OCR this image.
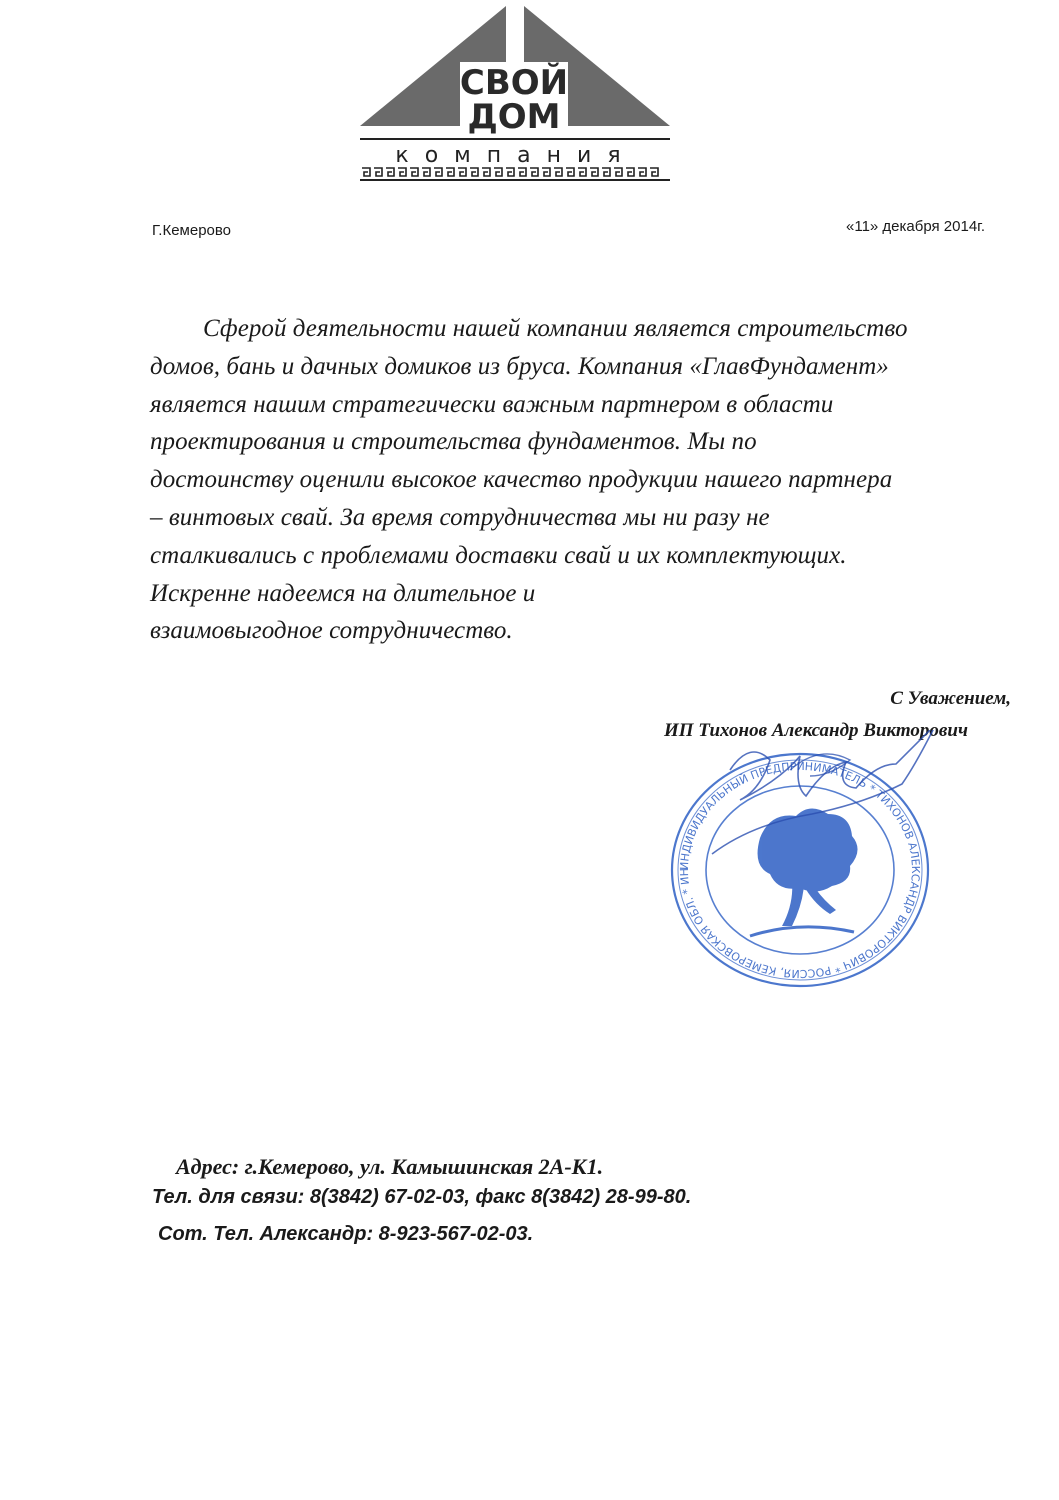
СВОЙ
ДОМ
компания
Г.Кемерово	«11» декабря 2014г.

Сферой деятельности нашей компании является строительство

домов, бань и дачных домиков из бруса. Компания «ГлавФундамент»

является нашим стратегически важным партнером в области

проектирования и строительства фундаментов. Мы по

достоинству оценили высокое качество продукции нашего партнера

– винтовых свай. За время сотрудничества мы ни разу не

сталкивались с проблемами доставки свай и их комплектующих.

Искренне надеемся на длительное и

взаимовыгодное сотрудничество.

С Уважением,
ИП Тихонов Александр Викторович
ИНДИВИДУАЛЬНЫЙ ПРЕДПРИНИМАТЕЛЬ * ТИХОНОВ АЛЕКСАНДР ВИКТОРОВИЧ * РОССИЯ, КЕМЕРОВСКАЯ ОБЛ. * ИН
Адрес: г.Кемерово, ул. Камышинская 2А-К1.
Тел. для связи: 8(3842) 67-02-03, факс 8(3842) 28-99-80.
Сот. Тел. Александр: 8-923-567-02-03.
